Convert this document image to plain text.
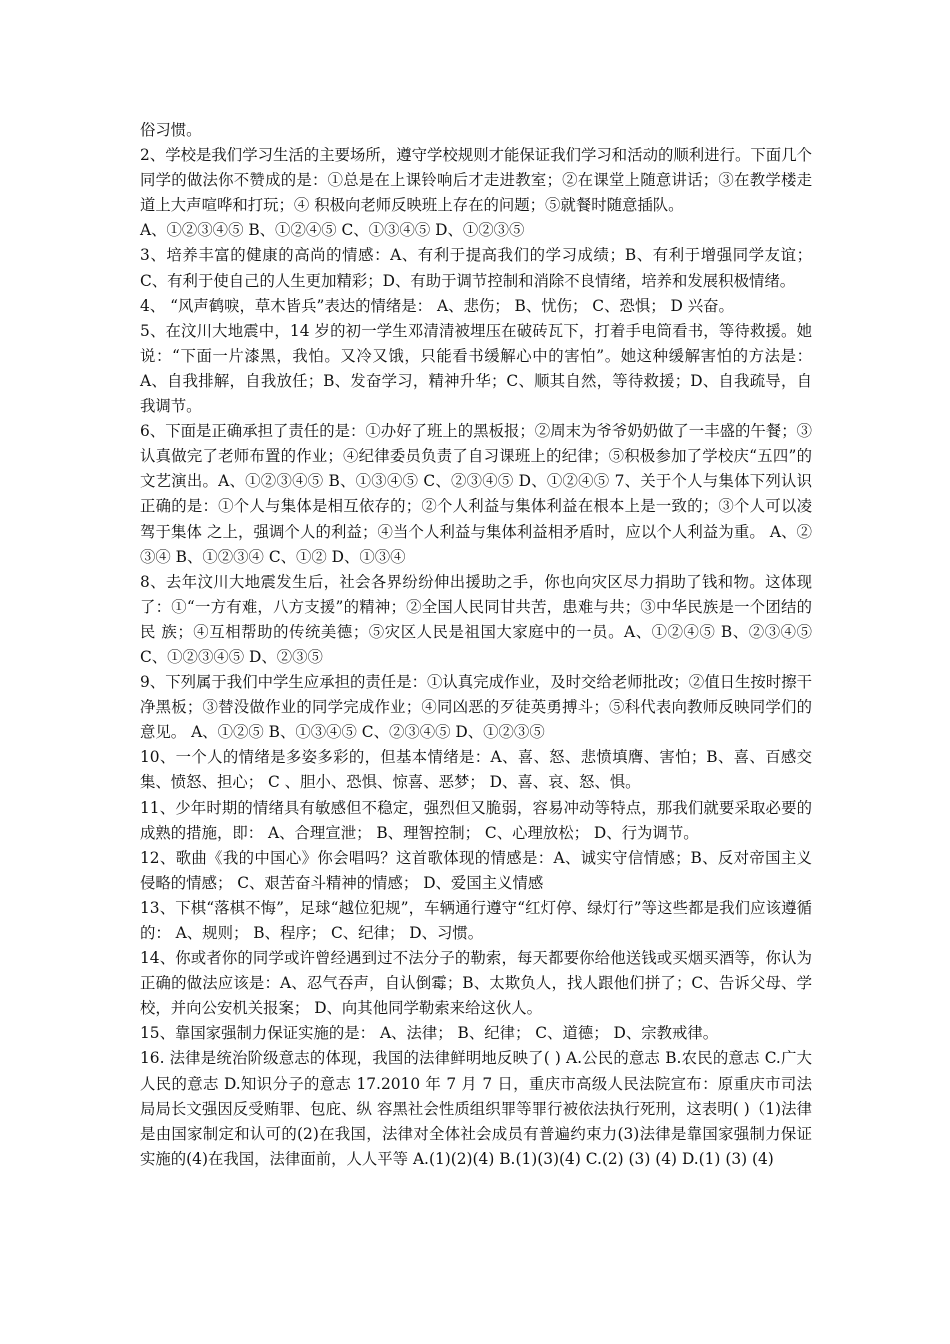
俗习惯。

2、学校是我们学习生活的主要场所，遵守学校规则才能保证我们学习和活动的顺利进行。下面几个 同学的做法你不赞成的是：①总是在上课铃响后才走进教室；②在课堂上随意讲话；③在教学楼走道上大声喧哗和打玩；④ 积极向老师反映班上存在的问题；⑤就餐时随意插队。

A、①②③④⑤ B、①②④⑤ C、①③④⑤ D、①②③⑤

3、培养丰富的健康的高尚的情感：A、有利于提高我们的学习成绩；B、有利于增强同学友谊；C、有利于使自己的人生更加精彩；D、有助于调节控制和消除不良情绪，培养和发展积极情绪。

4、 “风声鹤唳，草木皆兵”表达的情绪是： A、悲伤； B、忧伤； C、恐惧； D 兴奋。

5、在汶川大地震中，14 岁的初一学生邓清清被埋压在破砖瓦下，打着手电筒看书，等待救援。她 说：“下面一片漆黑，我怕。又冷又饿，只能看书缓解心中的害怕”。她这种缓解害怕的方法是：A、自我排解，自我放任；B、发奋学习，精神升华；C、顺其自然，等待救援；D、自我疏导，自我调节。

6、下面是正确承担了责任的是：①办好了班上的黑板报；②周末为爷爷奶奶做了一丰盛的午餐；③认真做完了老师布置的作业；④纪律委员负责了自习课班上的纪律；⑤积极参加了学校庆“五四”的文艺演出。A、①②③④⑤ B、①③④⑤ C、②③④⑤ D、①②④⑤ 7、关于个人与集体下列认识正确的是：①个人与集体是相互依存的；②个人利益与集体利益在根本上是一致的；③个人可以凌驾于集体 之上，强调个人的利益；④当个人利益与集体利益相矛盾时，应以个人利益为重。 A、②③④ B、①②③④ C、①② D、①③④

8、去年汶川大地震发生后，社会各界纷纷伸出援助之手，你也向灾区尽力捐助了钱和物。这体现了：①“一方有难，八方支援”的精神；②全国人民同甘共苦，患难与共；③中华民族是一个团结的民 族；④互相帮助的传统美德；⑤灾区人民是祖国大家庭中的一员。A、①②④⑤ B、②③④⑤ C、①②③④⑤ D、②③⑤

9、下列属于我们中学生应承担的责任是：①认真完成作业，及时交给老师批改；②值日生按时擦干净黑板；③替没做作业的同学完成作业；④同凶恶的歹徒英勇搏斗；⑤科代表向教师反映同学们的意见。 A、①②⑤ B、①③④⑤ C、②③④⑤ D、①②③⑤

10、一个人的情绪是多姿多彩的，但基本情绪是：A、喜、怒、悲愤填膺、害怕；B、喜、百感交集、愤怒、担心； C 、胆小、恐惧、惊喜、恶梦； D、喜、哀、怒、惧。

11、少年时期的情绪具有敏感但不稳定，强烈但又脆弱，容易冲动等特点，那我们就要采取必要的成熟的措施，即： A、合理宣泄； B、理智控制； C、心理放松； D、行为调节。

12、歌曲《我的中国心》你会唱吗？这首歌体现的情感是：A、诚实守信情感；B、反对帝国主义侵略的情感； C、艰苦奋斗精神的情感； D、爱国主义情感

13、下棋“落棋不悔”，足球“越位犯规”，车辆通行遵守“红灯停、绿灯行”等这些都是我们应该遵循的： A、规则； B、程序； C、纪律； D、习惯。

14、你或者你的同学或许曾经遇到过不法分子的勒索，每天都要你给他送钱或买烟买酒等，你认为正确的做法应该是：A、忍气吞声，自认倒霉；B、太欺负人，找人跟他们拼了；C、告诉父母、学校，并向公安机关报案； D、向其他同学勒索来给这伙人。

15、靠国家强制力保证实施的是： A、法律； B、纪律； C、道德； D、宗教戒律。

16. 法律是统治阶级意志的体现，我国的法律鲜明地反映了( ) A.公民的意志 B.农民的意志 C.广大人民的意志 D.知识分子的意志 17.2010 年 7 月 7 日，重庆市高级人民法院宣布：原重庆市司法局局长文强因反受贿罪、包庇、纵 容黑社会性质组织罪等罪行被依法执行死刑，这表明( )（1)法律是由国家制定和认可的(2)在我国，法律对全体社会成员有普遍约束力(3)法律是靠国家强制力保证实施的(4)在我国，法律面前，人人平等 A.(1)(2)(4) B.(1)(3)(4) C.(2) (3) (4) D.(1) (3) (4)
